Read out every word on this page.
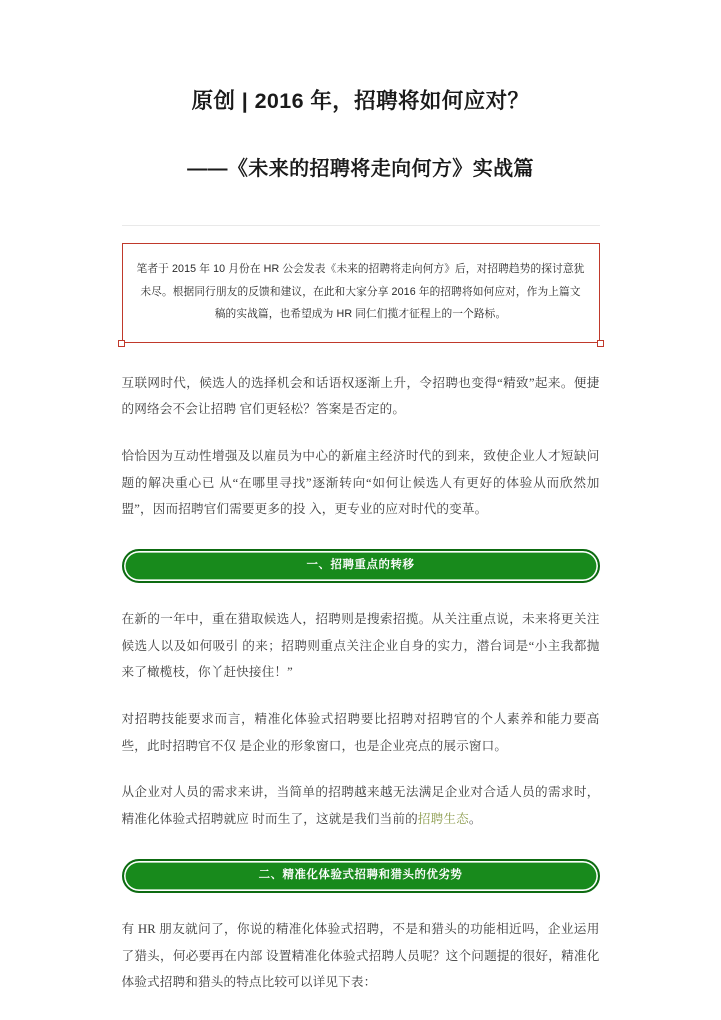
原创 | 2016 年，招聘将如何应对？
——《未来的招聘将走向何方》实战篇

笔者于 2015 年 10 月份在 HR 公会发表《未来的招聘将走向何方》后，对招聘趋势的探讨意犹 未尽。根据同行朋友的反馈和建议，在此和大家分享 2016 年的招聘将如何应对，作为上篇文 稿的实战篇，也希望成为 HR 同仁们揽才征程上的一个路标。

互联网时代，候选人的选择机会和话语权逐渐上升，令招聘也变得“精致”起来。便捷的网络会不会让招聘 官们更轻松？答案是否定的。

恰恰因为互动性增强及以雇员为中心的新雇主经济时代的到来，致使企业人才短缺问题的解决重心已 从“在哪里寻找”逐渐转向“如何让候选人有更好的体验从而欣然加盟”，因而招聘官们需要更多的投 入，更专业的应对时代的变革。

一、招聘重点的转移

在新的一年中，重在猎取候选人，招聘则是搜索招揽。从关注重点说，未来将更关注候选人以及如何吸引 的来；招聘则重点关注企业自身的实力，潜台词是“小主我都抛来了橄榄枝，你丫赶快接住！”

对招聘技能要求而言，精准化体验式招聘要比招聘对招聘官的个人素养和能力要高些，此时招聘官不仅 是企业的形象窗口，也是企业亮点的展示窗口。

从企业对人员的需求来讲，当简单的招聘越来越无法满足企业对合适人员的需求时，精准化体验式招聘就应 时而生了，这就是我们当前的招聘生态。

二、精准化体验式招聘和猎头的优劣势

有 HR 朋友就问了，你说的精准化体验式招聘，不是和猎头的功能相近吗，企业运用了猎头，何必要再在内部 设置精准化体验式招聘人员呢？这个问题提的很好，精准化体验式招聘和猎头的特点比较可以详见下表：
